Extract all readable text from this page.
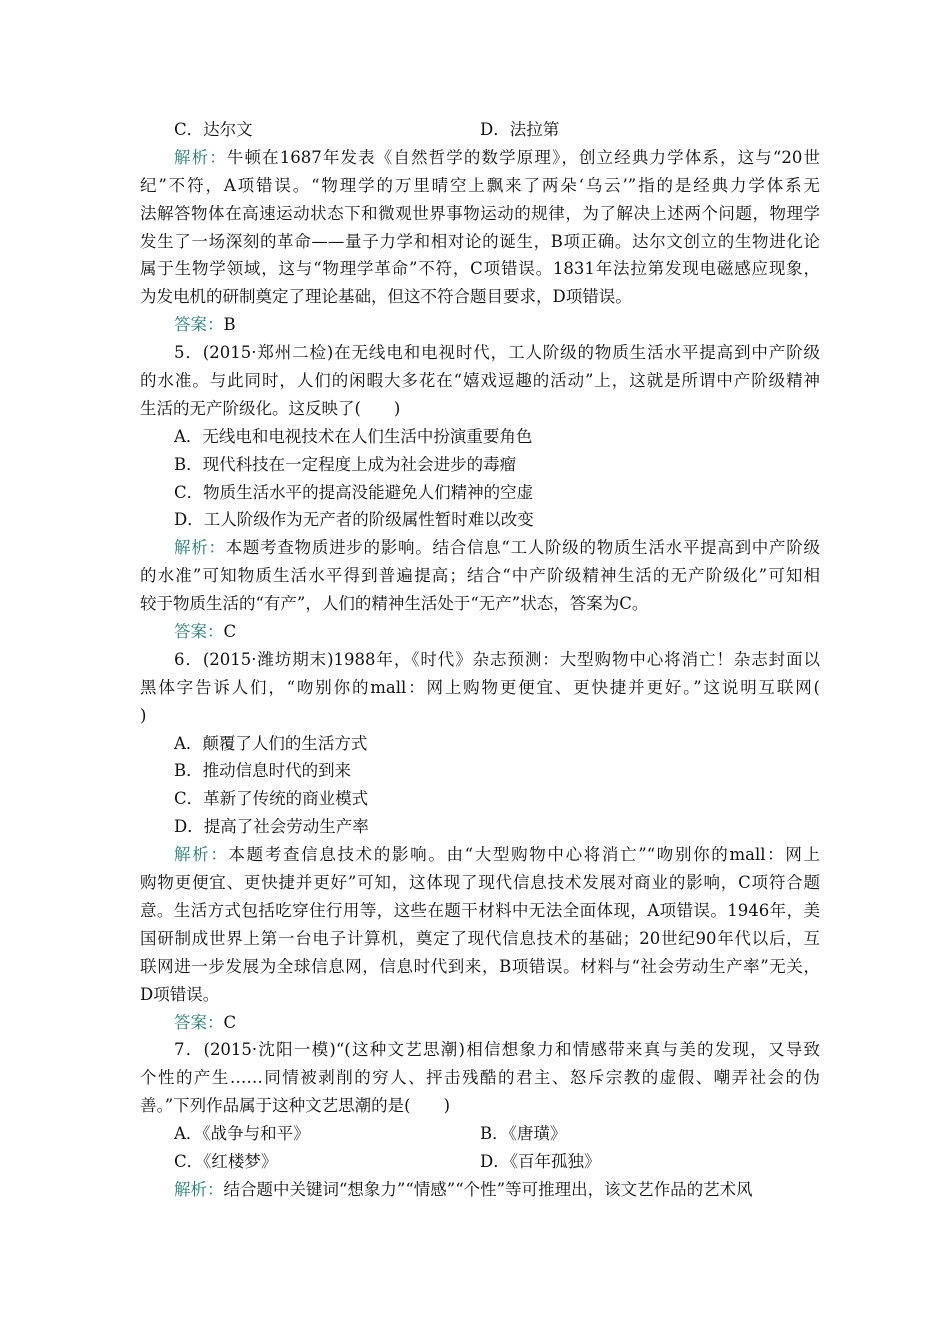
C．达尔文	D．法拉第
解析：牛顿在1687年发表《自然哲学的数学原理》，创立经典力学体系，这与“20世
纪”不符，A项错误。“物理学的万里晴空上飘来了两朵‘乌云’”指的是经典力学体系无
法解答物体在高速运动状态下和微观世界事物运动的规律，为了解决上述两个问题，物理学
发生了一场深刻的革命——量子力学和相对论的诞生，B项正确。达尔文创立的生物进化论
属于生物学领域，这与“物理学革命”不符，C项错误。1831年法拉第发现电磁感应现象，
为发电机的研制奠定了理论基础，但这不符合题目要求，D项错误。
答案：B
5．(2015·郑州二检)在无线电和电视时代，工人阶级的物质生活水平提高到中产阶级
的水准。与此同时，人们的闲暇大多花在“嬉戏逗趣的活动”上，这就是所谓中产阶级精神
生活的无产阶级化。这反映了(　　)
A．无线电和电视技术在人们生活中扮演重要角色
B．现代科技在一定程度上成为社会进步的毒瘤
C．物质生活水平的提高没能避免人们精神的空虚
D．工人阶级作为无产者的阶级属性暂时难以改变
解析：本题考查物质进步的影响。结合信息“工人阶级的物质生活水平提高到中产阶级
的水准”可知物质生活水平得到普遍提高；结合“中产阶级精神生活的无产阶级化”可知相
较于物质生活的“有产”，人们的精神生活处于“无产”状态，答案为C。
答案：C
6．(2015·潍坊期末)1988年，《时代》杂志预测：大型购物中心将消亡！杂志封面以
黑体字告诉人们，“吻别你的mall：网上购物更便宜、更快捷并更好。”这说明互联网(
)
A．颠覆了人们的生活方式
B．推动信息时代的到来
C．革新了传统的商业模式
D．提高了社会劳动生产率
解析：本题考查信息技术的影响。由“大型购物中心将消亡”“吻别你的mall：网上
购物更便宜、更快捷并更好”可知，这体现了现代信息技术发展对商业的影响，C项符合题
意。生活方式包括吃穿住行用等，这些在题干材料中无法全面体现，A项错误。1946年，美
国研制成世界上第一台电子计算机，奠定了现代信息技术的基础；20世纪90年代以后，互
联网进一步发展为全球信息网，信息时代到来，B项错误。材料与“社会劳动生产率”无关，
D项错误。
答案：C
7．(2015·沈阳一模)“(这种文艺思潮)相信想象力和情感带来真与美的发现，又导致
个性的产生……同情被剥削的穷人、抨击残酷的君主、怒斥宗教的虚假、嘲弄社会的伪
善。”下列作品属于这种文艺思潮的是(　　)
A．《战争与和平》	B．《唐璜》
C．《红楼梦》	D．《百年孤独》
解析：结合题中关键词“想象力”“情感”“个性”等可推理出，该文艺作品的艺术风
